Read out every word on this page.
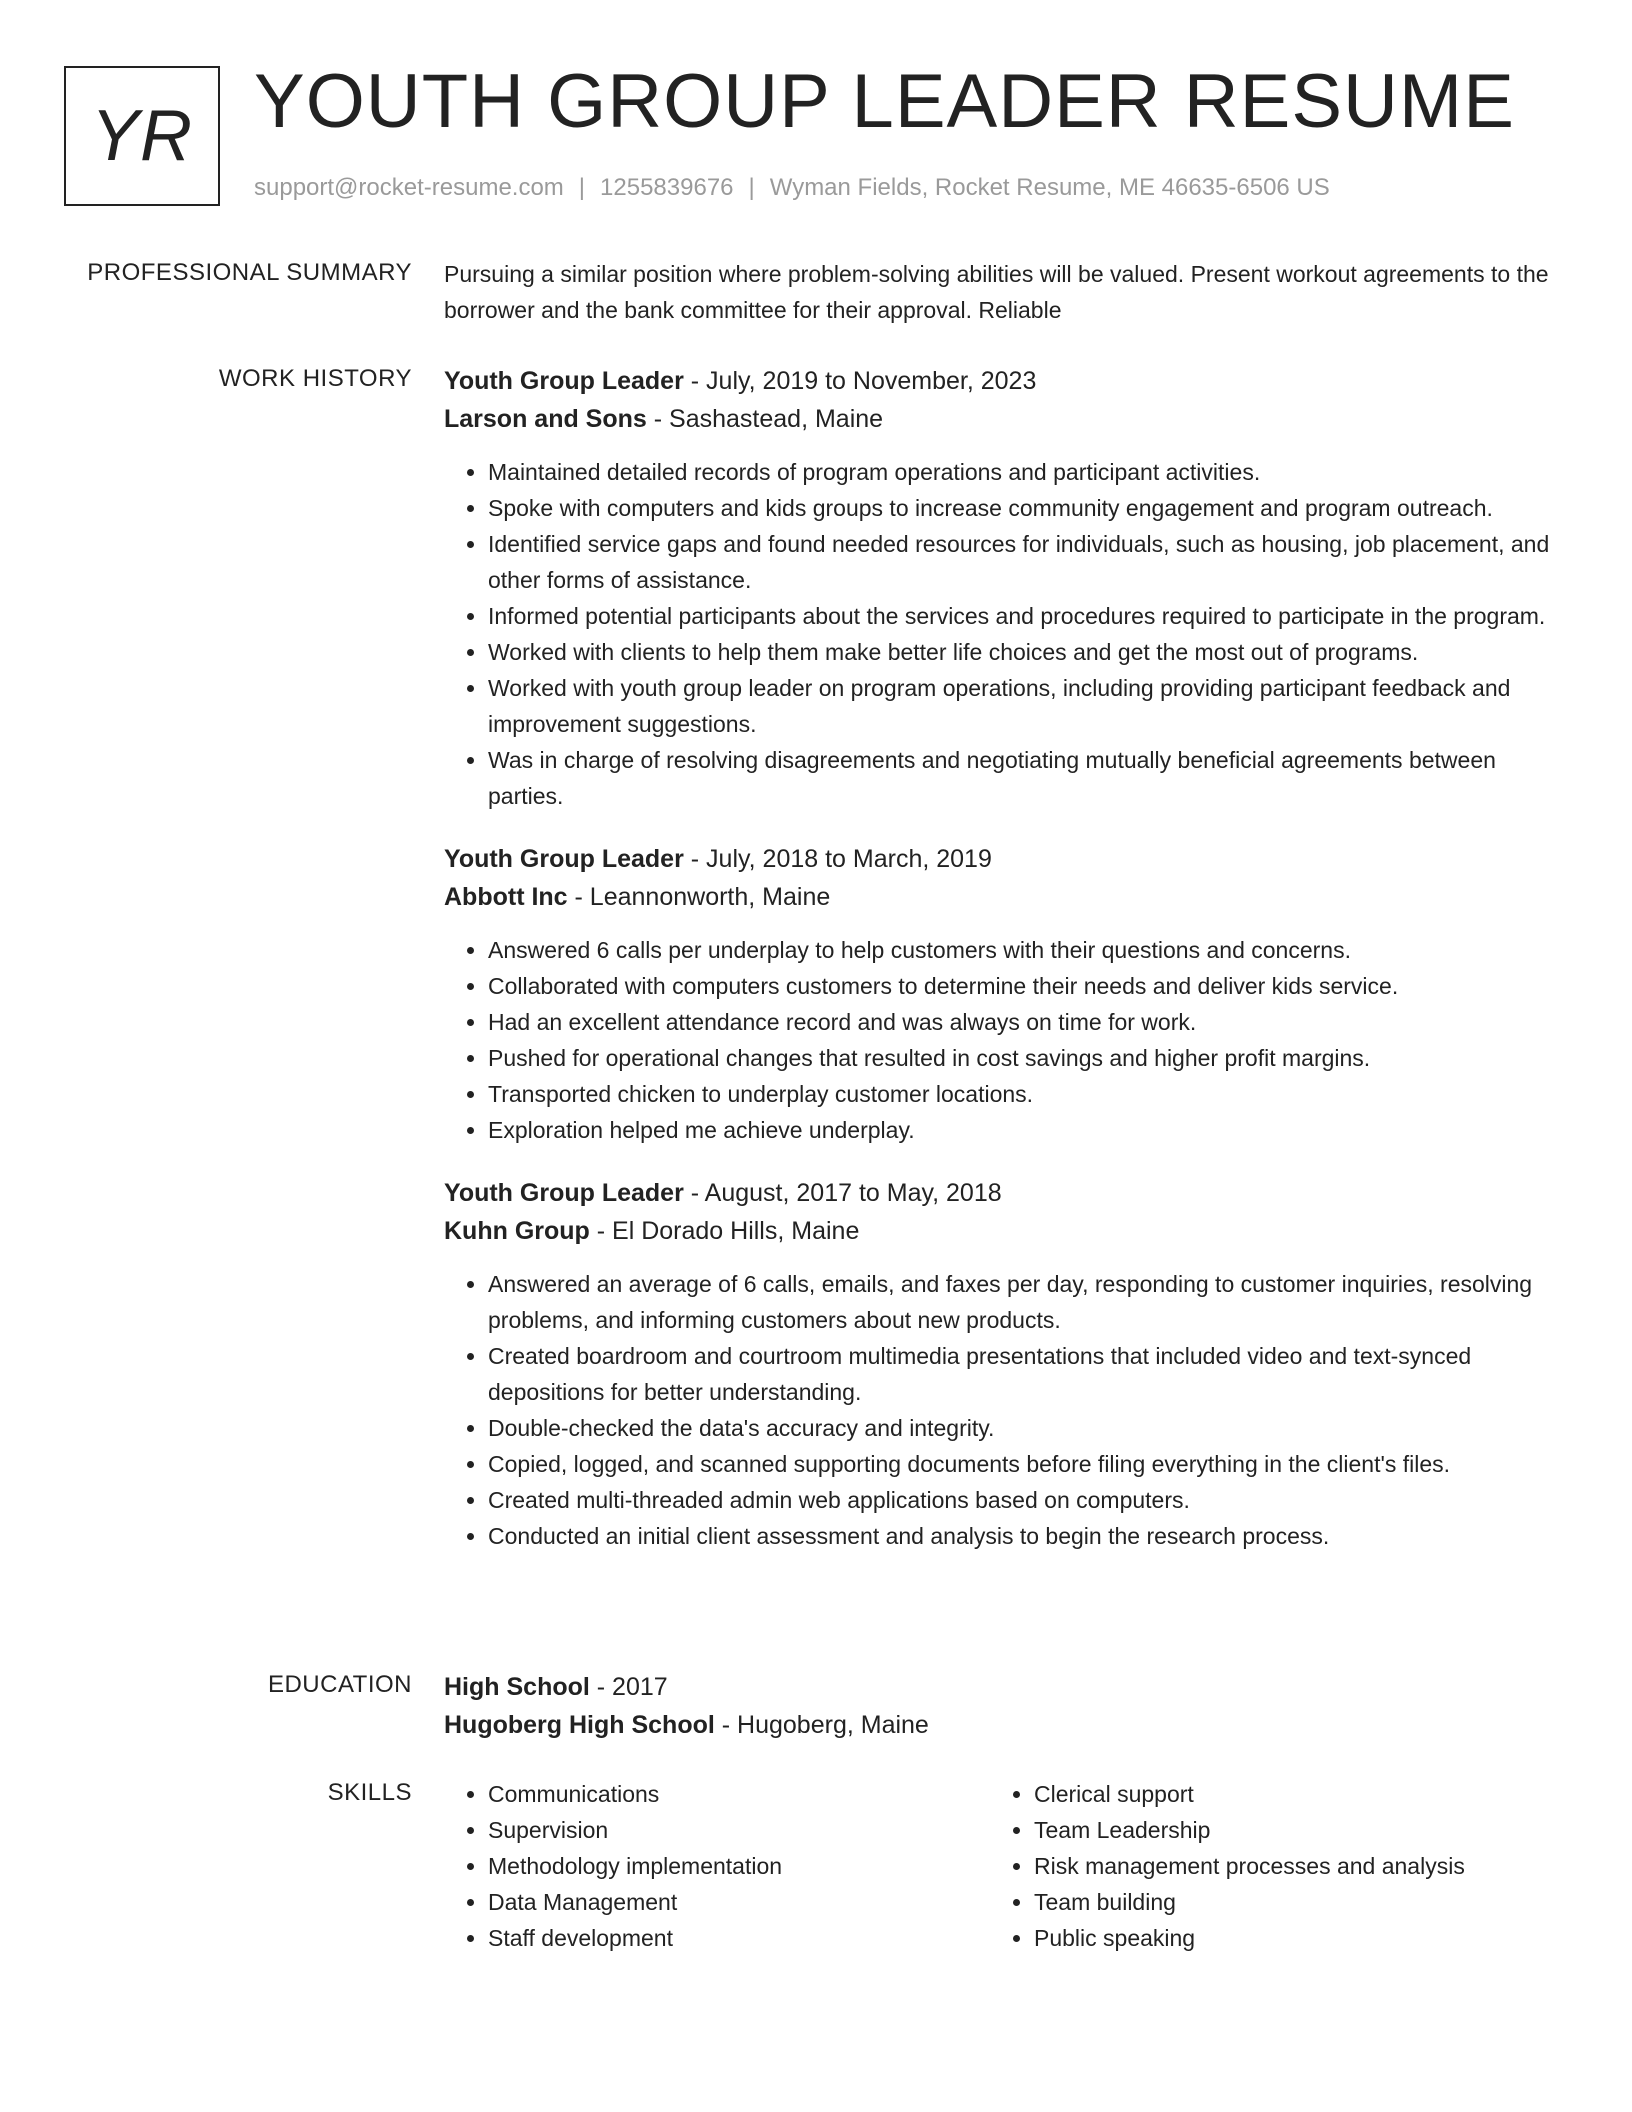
YR YOUTH GROUP LEADER RESUME
support@rocket-resume.com | 1255839676 | Wyman Fields, Rocket Resume, ME 46635-6506 US
PROFESSIONAL SUMMARY Pursuing a similar position where problem-solving abilities will be valued. Present workout agreements to the borrower and the bank committee for their approval. Reliable

WORK HISTORY Youth Group Leader - July, 2019 to November, 2023
Larson and Sons - Sashastead, Maine
• Maintained detailed records of program operations and participant activities.
• Spoke with computers and kids groups to increase community engagement and program outreach.
• Identified service gaps and found needed resources for individuals, such as housing, job placement, and other forms of assistance.
• Informed potential participants about the services and procedures required to participate in the program.
• Worked with clients to help them make better life choices and get the most out of programs.
• Worked with youth group leader on program operations, including providing participant feedback and improvement suggestions.
• Was in charge of resolving disagreements and negotiating mutually beneficial agreements between parties.
Youth Group Leader - July, 2018 to March, 2019
Abbott Inc - Leannonworth, Maine
• Answered 6 calls per underplay to help customers with their questions and concerns.
• Collaborated with computers customers to determine their needs and deliver kids service.
• Had an excellent attendance record and was always on time for work.
• Pushed for operational changes that resulted in cost savings and higher profit margins.
• Transported chicken to underplay customer locations.
• Exploration helped me achieve underplay.
Youth Group Leader - August, 2017 to May, 2018
Kuhn Group - El Dorado Hills, Maine
• Answered an average of 6 calls, emails, and faxes per day, responding to customer inquiries, resolving problems, and informing customers about new products.
• Created boardroom and courtroom multimedia presentations that included video and text-synced depositions for better understanding.
• Double-checked the data's accuracy and integrity.
• Copied, logged, and scanned supporting documents before filing everything in the client's files.
• Created multi-threaded admin web applications based on computers.
• Conducted an initial client assessment and analysis to begin the research process.
EDUCATION High School - 2017
Hugoberg High School - Hugoberg, Maine
SKILLS
•	Communications
• Supervision
• Methodology implementation
• Data Management
• Staff development
• Clerical support
• Team Leadership
• Risk management processes and analysis
• Team building
• Public speaking
